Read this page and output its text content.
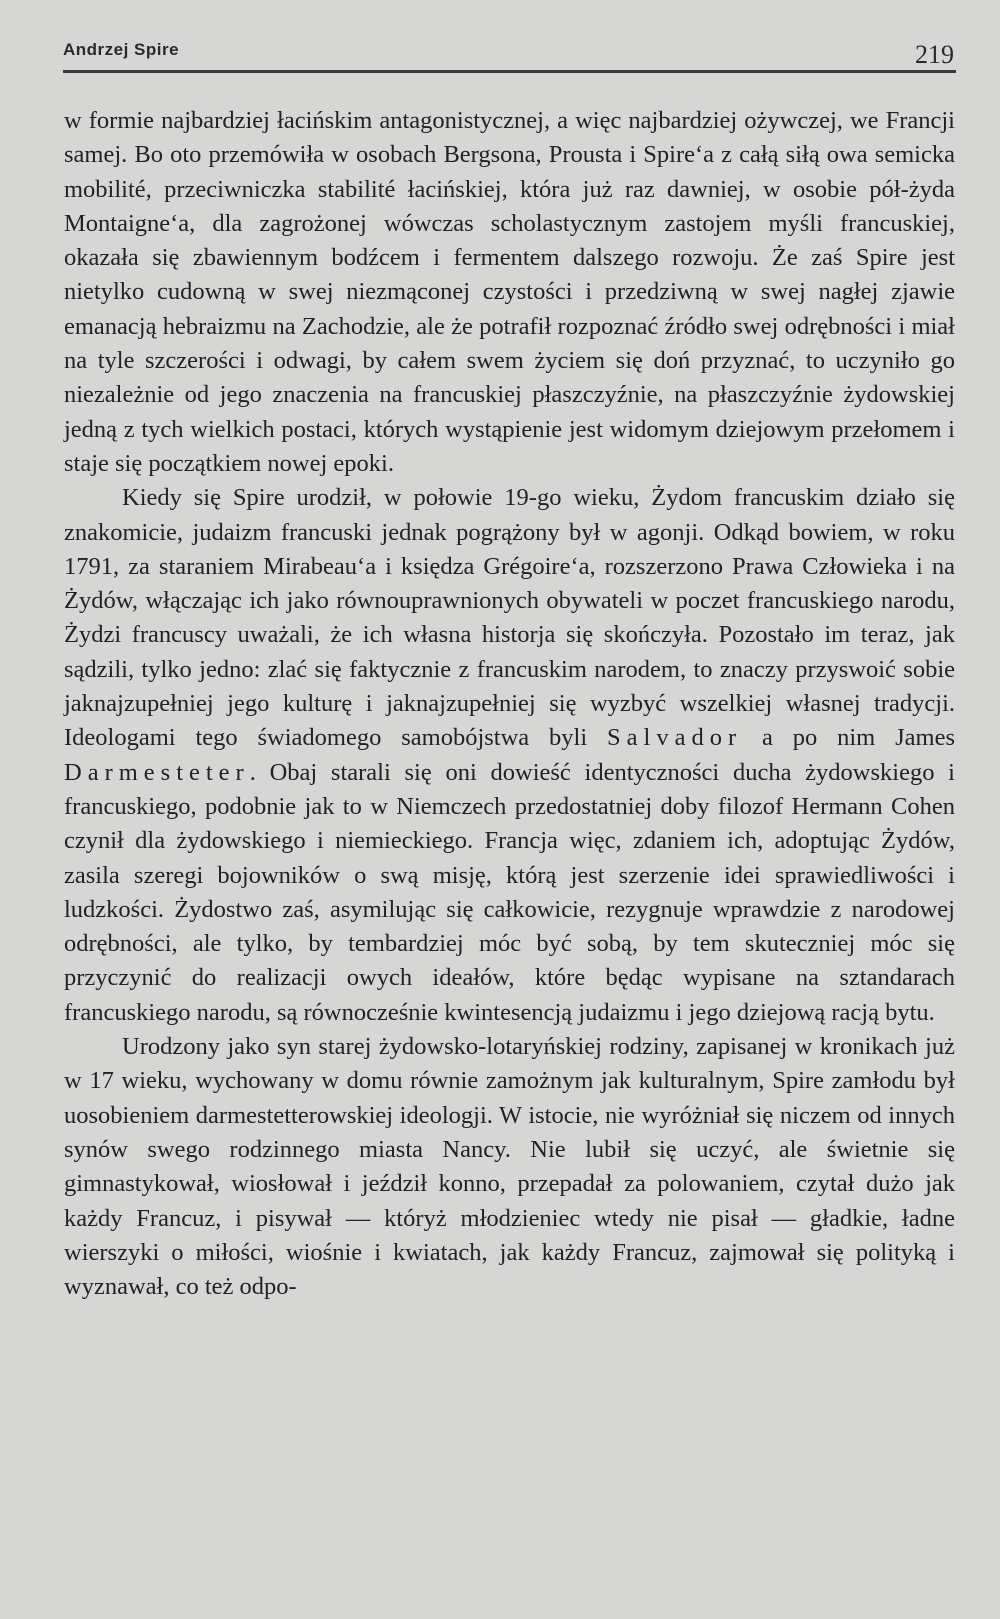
Andrzej Spire	219

w formie najbardziej łacińskim antagonistycznej, a więc najbardziej ożywczej, we Francji samej. Bo oto przemówiła w osobach Bergsona, Prousta i Spire‘a z całą siłą owa semicka mobilité, przeciwniczka stabilité łacińskiej, która już raz dawniej, w osobie pół-żyda Montaigne‘a, dla zagrożonej wówczas scholastycznym zastojem myśli francuskiej, okazała się zbawiennym bodźcem i fermentem dalszego rozwoju. Że zaś Spire jest nietylko cudowną w swej niezmąconej czystości i przedziwną w swej nagłej zjawie emanacją hebraizmu na Zachodzie, ale że potrafił rozpoznać źródło swej odrębności i miał na tyle szczerości i odwagi, by całem swem życiem się doń przyznać, to uczyniło go niezależnie od jego znaczenia na francuskiej płaszczyźnie, na płaszczyźnie żydowskiej jedną z tych wielkich postaci, których wystąpienie jest widomym dziejowym przełomem i staje się początkiem nowej epoki.

Kiedy się Spire urodził, w połowie 19-go wieku, Żydom francuskim działo się znakomicie, judaizm francuski jednak pogrążony był w agonji. Odkąd bowiem, w roku 1791, za staraniem Mirabeau‘a i księdza Grégoire‘a, rozszerzono Prawa Człowieka i na Żydów, włączając ich jako równouprawnionych obywateli w poczet francuskiego narodu, Żydzi francuscy uważali, że ich własna historja się skończyła. Pozostało im teraz, jak sądzili, tylko jedno: zlać się faktycznie z francuskim narodem, to znaczy przyswoić sobie jaknajzupełniej jego kulturę i jaknajzupełniej się wyzbyć wszelkiej własnej tradycji. Ideologami tego świadomego samobójstwa byli Salvador a po nim James Darmesteter. Obaj starali się oni dowieść identyczności ducha żydowskiego i francuskiego, podobnie jak to w Niemczech przedostatniej doby filozof Hermann Cohen czynił dla żydowskiego i niemieckiego. Francja więc, zdaniem ich, adoptując Żydów, zasila szeregi bojowników o swą misję, którą jest szerzenie idei sprawiedliwości i ludzkości. Żydostwo zaś, asymilując się całkowicie, rezygnuje wprawdzie z narodowej odrębności, ale tylko, by tembardziej móc być sobą, by tem skuteczniej móc się przyczynić do realizacji owych ideałów, które będąc wypisane na sztandarach francuskiego narodu, są równocześnie kwintesencją judaizmu i jego dziejową racją bytu.

Urodzony jako syn starej żydowsko-lotaryńskiej rodziny, zapisanej w kronikach już w 17 wieku, wychowany w domu równie zamożnym jak kulturalnym, Spire zamłodu był uosobieniem darmestetterowskiej ideologji. W istocie, nie wyróżniał się niczem od innych synów swego rodzinnego miasta Nancy. Nie lubił się uczyć, ale świetnie się gimnastykował, wiosłował i jeździł konno, przepadał za polowaniem, czytał dużo jak każdy Francuz, i pisywał — któryż młodzieniec wtedy nie pisał — gładkie, ładne wierszyki o miłości, wiośnie i kwiatach, jak każdy Francuz, zajmował się polityką i wyznawał, co też odpo-
